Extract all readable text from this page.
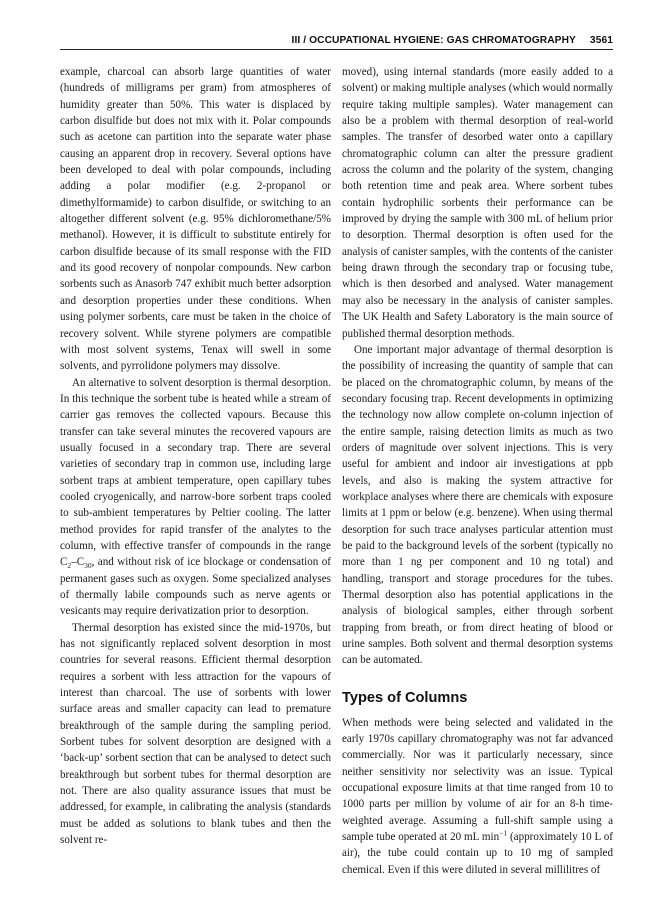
III / OCCUPATIONAL HYGIENE: GAS CHROMATOGRAPHY 3561

example, charcoal can absorb large quantities of water (hundreds of milligrams per gram) from atmospheres of humidity greater than 50%. This water is displaced by carbon disulfide but does not mix with it. Polar compounds such as acetone can partition into the separate water phase causing an apparent drop in recovery. Several options have been developed to deal with polar compounds, including adding a polar modifier (e.g. 2-propanol or dimethylformamide) to carbon disulfide, or switching to an altogether different solvent (e.g. 95% dichloromethane/5% methanol). However, it is difficult to substitute entirely for carbon disulfide because of its small response with the FID and its good recovery of nonpolar compounds. New carbon sorbents such as Anasorb 747 exhibit much better adsorption and desorption properties under these conditions. When using polymer sorbents, care must be taken in the choice of recovery solvent. While styrene polymers are compatible with most solvent systems, Tenax will swell in some solvents, and pyrrolidone polymers may dissolve.

An alternative to solvent desorption is thermal desorption. In this technique the sorbent tube is heated while a stream of carrier gas removes the collected vapours. Because this transfer can take several minutes the recovered vapours are usually focused in a secondary trap. There are several varieties of secondary trap in common use, including large sorbent traps at ambient temperature, open capillary tubes cooled cryogenically, and narrow-bore sorbent traps cooled to sub-ambient temperatures by Peltier cooling. The latter method provides for rapid transfer of the analytes to the column, with effective transfer of compounds in the range $C_2-C_{30}$, and without risk of ice blockage or condensation of permanent gases such as oxygen. Some specialized analyses of thermally labile compounds such as nerve agents or vesicants may require derivatization prior to desorption.

Thermal desorption has existed since the mid-1970s, but has not significantly replaced solvent desorption in most countries for several reasons. Efficient thermal desorption requires a sorbent with less attraction for the vapours of interest than charcoal. The use of sorbents with lower surface areas and smaller capacity can lead to premature breakthrough of the sample during the sampling period. Sorbent tubes for solvent desorption are designed with a ‘back-up’ sorbent section that can be analysed to detect such breakthrough but sorbent tubes for thermal desorption are not. There are also quality assurance issues that must be addressed, for example, in calibrating the analysis (standards must be added as solutions to blank tubes and then the solvent re-

moved), using internal standards (more easily added to a solvent) or making multiple analyses (which would normally require taking multiple samples). Water management can also be a problem with thermal desorption of real-world samples. The transfer of desorbed water onto a capillary chromatographic column can alter the pressure gradient across the column and the polarity of the system, changing both retention time and peak area. Where sorbent tubes contain hydrophilic sorbents their performance can be improved by drying the sample with 300 mL of helium prior to desorption. Thermal desorption is often used for the analysis of canister samples, with the contents of the canister being drawn through the secondary trap or focusing tube, which is then desorbed and analysed. Water management may also be necessary in the analysis of canister samples. The UK Health and Safety Laboratory is the main source of published thermal desorption methods.

One important major advantage of thermal desorption is the possibility of increasing the quantity of sample that can be placed on the chromatographic column, by means of the secondary focusing trap. Recent developments in optimizing the technology now allow complete on-column injection of the entire sample, raising detection limits as much as two orders of magnitude over solvent injections. This is very useful for ambient and indoor air investigations at ppb levels, and also is making the system attractive for workplace analyses where there are chemicals with exposure limits at 1 ppm or below (e.g. benzene). When using thermal desorption for such trace analyses particular attention must be paid to the background levels of the sorbent (typically no more than 1 ng per component and 10 ng total) and handling, transport and storage procedures for the tubes. Thermal desorption also has potential applications in the analysis of biological samples, either through sorbent trapping from breath, or from direct heating of blood or urine samples. Both solvent and thermal desorption systems can be automated.

Types of Columns

When methods were being selected and validated in the early 1970s capillary chromatography was not far advanced commercially. Nor was it particularly necessary, since neither sensitivity nor selectivity was an issue. Typical occupational exposure limits at that time ranged from 10 to 1000 parts per million by volume of air for an 8-h time-weighted average. Assuming a full-shift sample using a sample tube operated at 20 mL $\min^{-1}$ (approximately 10 L of air), the tube could contain up to 10 mg of sampled chemical. Even if this were diluted in several millilitres of
